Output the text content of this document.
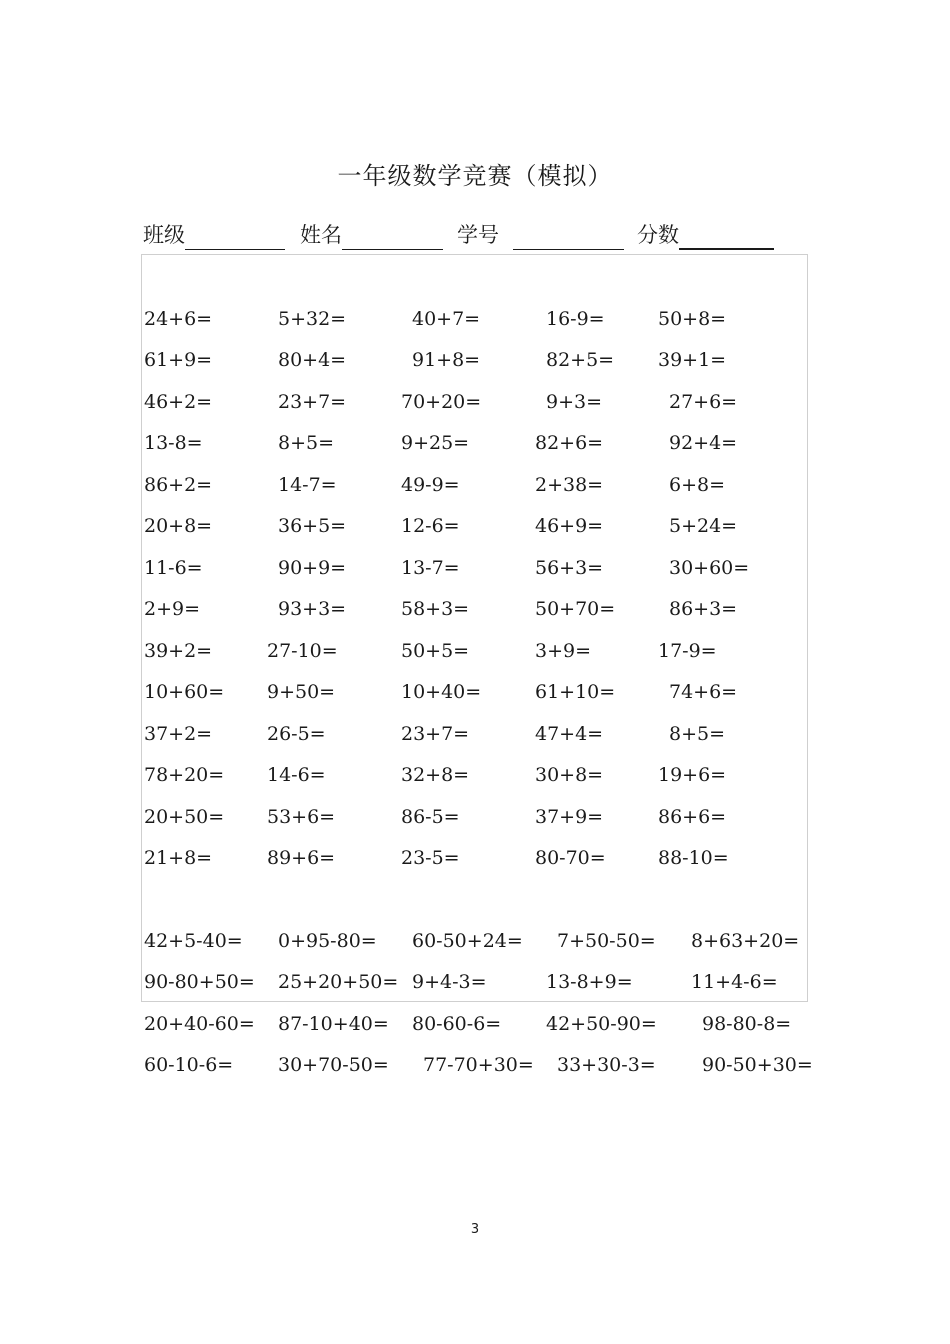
一年级数学竞赛（模拟）
班级	姓名	学号	分数
24+6=	5+32=	40+7=	16-9=	50+8=
61+9=	80+4=	91+8=	82+5= 39+1=
46+2=	23+7=	70+20=	9+3=	27+6=
13-8=	8+5=	9+25=	82+6=	92+4=
86+2=	14-7=	49-9=	2+38=	6+8=
20+8=	36+5=	12-6=	46+9=	5+24=
11-6=	90+9=	13-7=	56+3=	30+60=
2+9=	93+3=	58+3=	50+70=	86+3=
39+2=	27-10=	50+5=	3+9=	17-9=
10+60= 9+50=	10+40=	61+10=	74+6=
37+2=	26-5=	23+7=	47+4=	8+5=
78+20= 14-6=	32+8=	30+8=	19+6=
20+50= 53+6=	86-5=	37+9=	86+6=
21+8=	89+6=	23-5=	80-70=	88-10=
42+5-40= 0+95-80= 60-50+24= 7+50-50= 8+63+20=
90-80+50= 25+20+50= 9+4-3=	13-8+9=	11+4-6=
20+40-60= 87-10+40= 80-60-6= 42+50-90= 98-80-8=
60-10-6= 30+70-50= 77-70+30= 33+30-3= 90-50+30=
3
